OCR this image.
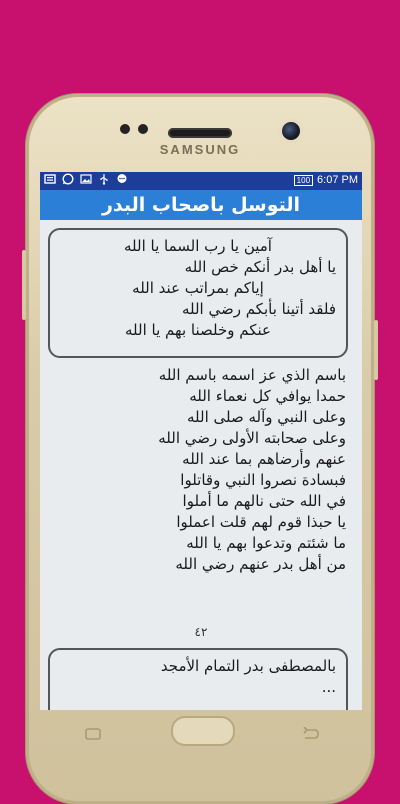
SAMSUNG
100 6:07 PM
التوسل باصحاب البدر
آمين يا رب السما يا الله
يا أهل بدر أنكم خص الله
إياكم بمراتب عند الله
فلقد أتينا بأبكم رضي الله
عنكم وخلصنا بهم يا الله
باسم الذي عز اسمه باسم الله
حمدا يوافي كل نعماء الله
وعلى النبي وآله صلى الله
وعلى صحابته الأولى رضي الله
عنهم وأرضاهم بما عند الله
فبسادة نصروا النبي وقاتلوا
في الله حتى نالهم ما أملوا
يا حبذا قوم لهم قلت اعملوا
ما شئتم وتدعوا بهم يا الله
من أهل بدر عنهم رضي الله
٤٢
بالمصطفى بدر التمام الأمجد
...
